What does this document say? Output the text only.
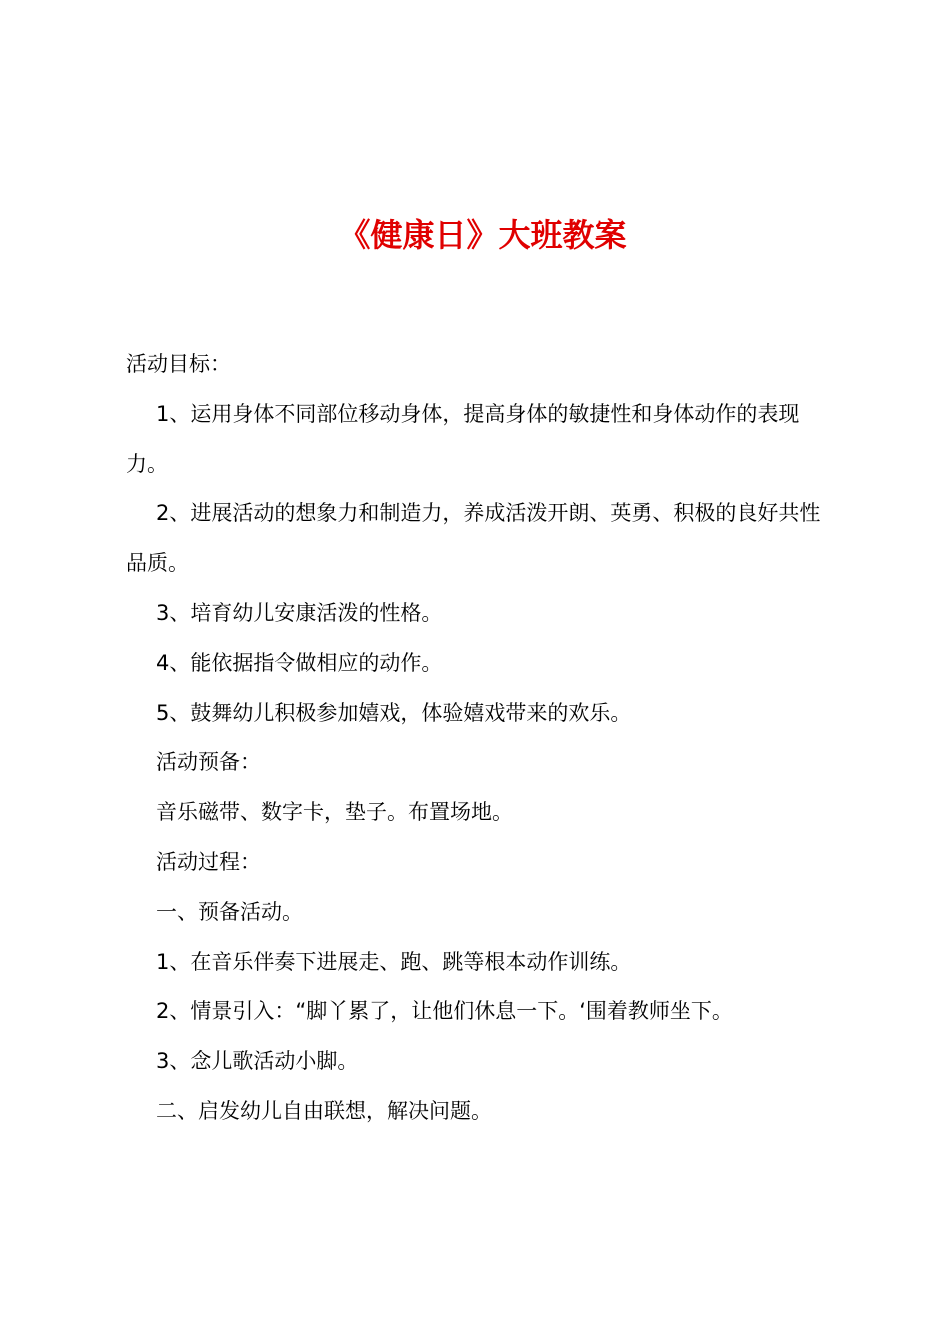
《健康日》大班教案

活动目标：

1、运用身体不同部位移动身体，提高身体的敏捷性和身体动作的表现力。

2、进展活动的想象力和制造力，养成活泼开朗、英勇、积极的良好共性品质。

3、培育幼儿安康活泼的性格。

4、能依据指令做相应的动作。

5、鼓舞幼儿积极参加嬉戏，体验嬉戏带来的欢乐。

活动预备：

音乐磁带、数字卡，垫子。布置场地。

活动过程：

一、预备活动。

1、在音乐伴奏下进展走、跑、跳等根本动作训练。

2、情景引入：“脚丫累了，让他们休息一下。‘围着教师坐下。

3、念儿歌活动小脚。

二、启发幼儿自由联想，解决问题。
